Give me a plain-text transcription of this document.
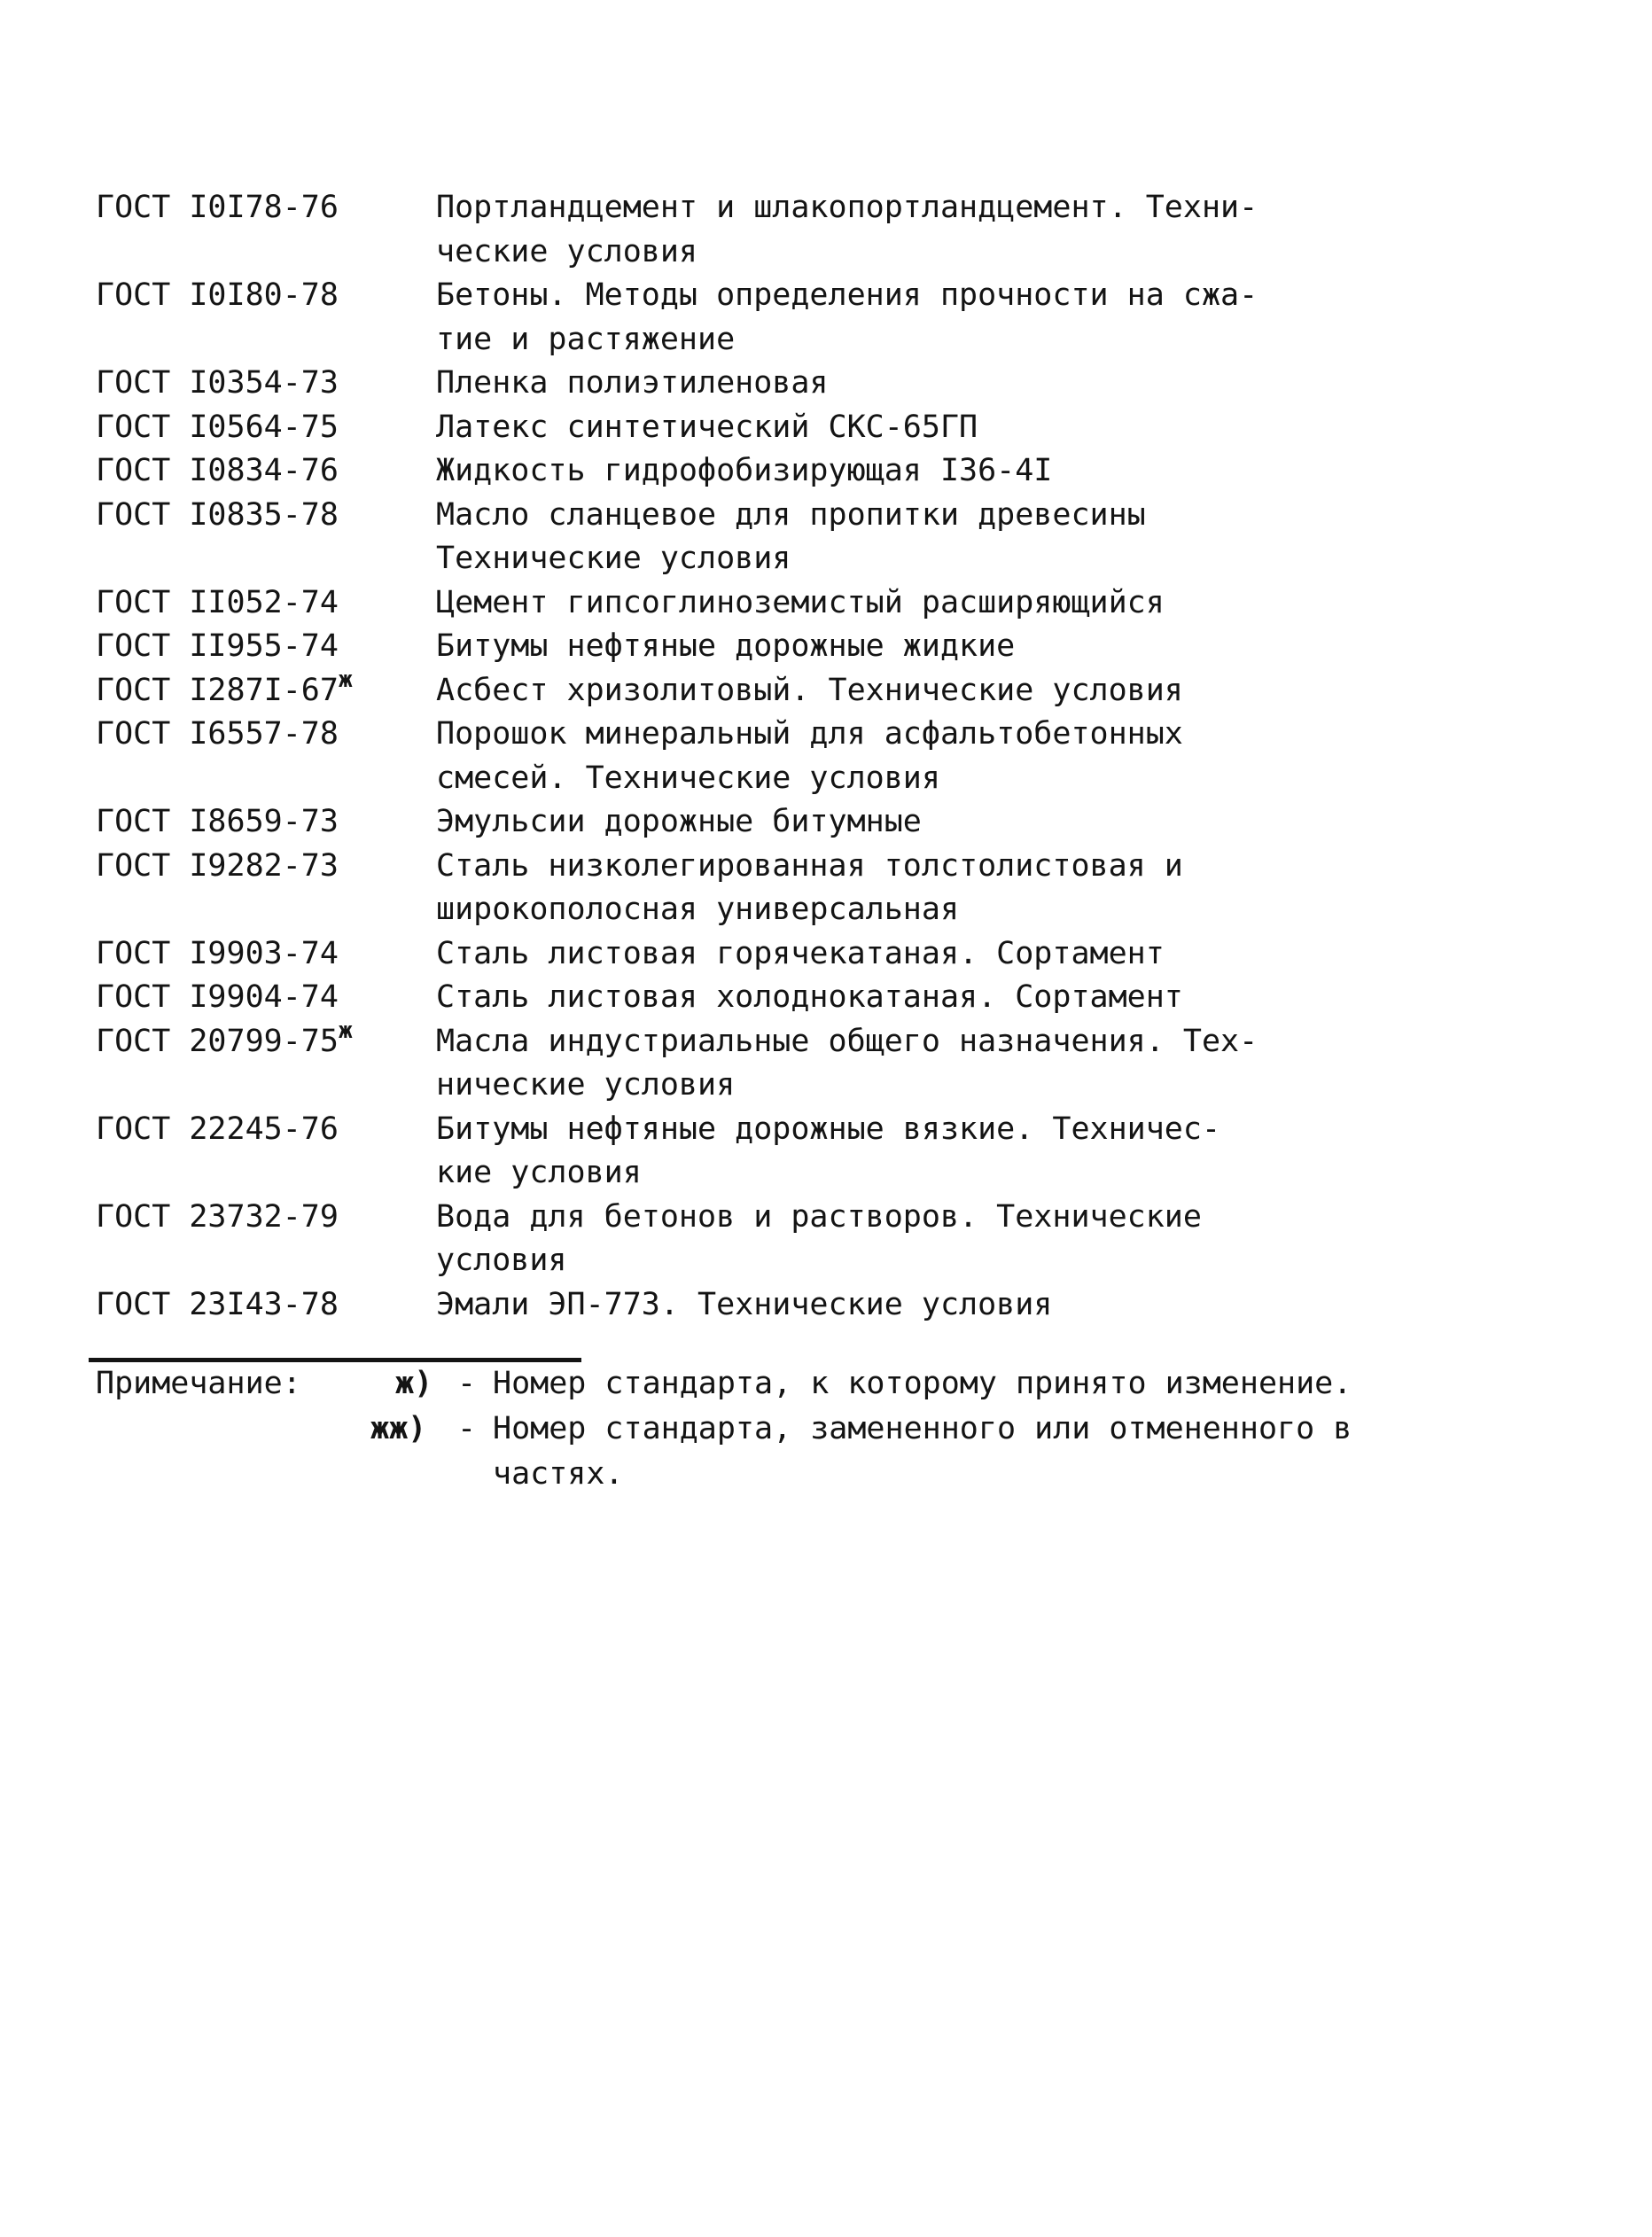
ГОСТ I0I78-76	Портландцемент и шлакопортландцемент. Техни-
ческие условия
ГОСТ I0I80-78	Бетоны. Методы определения прочности на сжа-
тие и растяжение
ГОСТ I0354-73	Пленка полиэтиленовая
ГОСТ I0564-75	Латекс синтетический СКС-65ГП
ГОСТ I0834-76	Жидкость гидрофобизирующая I36-4I
ГОСТ I0835-78	Масло сланцевое для пропитки древесины
Технические условия
ГОСТ II052-74	Цемент гипсоглиноземистый расширяющийся
ГОСТ II955-74	Битумы нефтяные дорожные жидкие
ГОСТ $I287I-67^ж$	Асбест хризолитовый. Технические условия
ГОСТ I6557-78	Порошок минеральный для асфальтобетонных
смесей. Технические условия
ГОСТ I8659-73	Эмульсии дорожные битумные
ГОСТ I9282-73	Сталь низколегированная толстолистовая и
широкополосная универсальная
ГОСТ I9903-74	Сталь листовая горячекатаная. Сортамент
ГОСТ I9904-74	Сталь листовая холоднокатаная. Сортамент
ГОСТ $20799-75^ж$	Масла индустриальные общего назначения. Тех-
нические условия
ГОСТ 22245-76	Битумы нефтяные дорожные вязкие. Техничес-
кие условия
ГОСТ 23732-79	Вода для бетонов и растворов. Технические
условия
ГОСТ 23I43-78	Эмали ЭП-773. Технические условия
Примечание:	ж) - Номер стандарта, к которому принято изменение.
жж) - Номер стандарта, замененного или отмененного в
частях.
